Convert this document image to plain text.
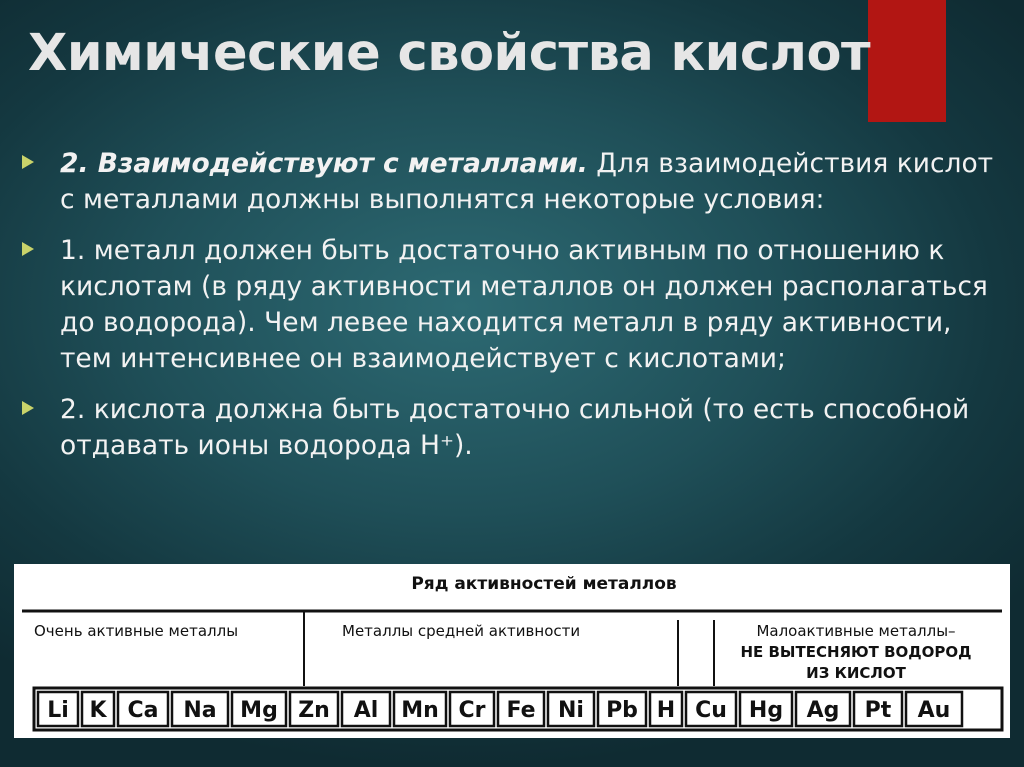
Химические свойства кислот
2. Взаимодействуют с металлами. Для взаимодействия кислот с металлами должны выполнятся некоторые условия:
1. металл должен быть достаточно активным по отношению к кислотам (в ряду активности металлов он должен располагаться до водорода). Чем левее находится металл в ряду активности, тем интенсивнее он взаимодействует с кислотами;
2. кислота должна быть достаточно сильной (то есть способной отдавать ионы водорода H⁺).
Ряд активностей металлов
Очень активные металлы	Металлы средней активности	Малоактивные металлы–
НЕ ВЫТЕСНЯЮТ ВОДОРОД
ИЗ КИСЛОТ
Li K Ca Na Mg Zn Al Mn Cr Fe Ni Pb H Cu Hg Ag Pt Au
